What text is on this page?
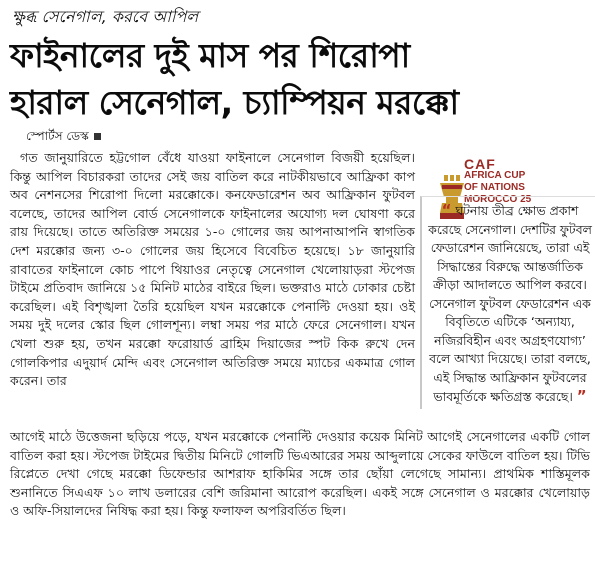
ক্ষুব্ধ সেনেগাল, করবে আপিল
ফাইনালের দুই মাস পর শিরোপা
হারাল সেনেগাল, চ্যাম্পিয়ন মরক্কো
স্পোর্টস ডেস্ক

গত জানুয়ারিতে হট্টগোল বেঁধে যাওয়া ফাইনালে সেনেগাল বিজয়ী হয়েছিল। কিন্তু আপিল বিচারকরা তাদের সেই জয় বাতিল করে নাটকীয়ভাবে আফ্রিকা কাপ অব নেশনসের শিরোপা দিলো মরক্কোকে। কনফেডারেশন অব আফ্রিকান ফুটবল বলেছে, তাদের আপিল বোর্ড সেনেগালকে ফাইনালের অযোগ্য দল ঘোষণা করে রায় দিয়েছে। তাতে অতিরিক্ত সময়ের ১-০ গোলের জয় আপনাআপনি স্বাগতিক দেশ মরক্কোর জন্য ৩-০ গোলের জয় হিসেবে বিবেচিত হয়েছে। ১৮ জানুয়ারি রাবাতের ফাইনালে কোচ পাপে থিয়াওর নেতৃত্বে সেনেগাল খেলোয়াড়রা স্টপেজ টাইমে প্রতিবাদ জানিয়ে ১৫ মিনিট মাঠের বাইরে ছিল। ভক্তরাও মাঠে ঢোকার চেষ্টা করেছিল। এই বিশৃঙ্খলা তৈরি হয়েছিল যখন মরক্কোকে পেনাল্টি দেওয়া হয়। ওই সময় দুই দলের স্কোর ছিল গোলশূন্য। লম্বা সময় পর মাঠে ফেরে সেনেগাল। যখন খেলা শুরু হয়, তখন মরক্কো ফরোয়ার্ড ব্রাহিম দিয়াজের স্পট কিক রুখে দেন গোলকিপার এদুয়ার্দ মেন্দি এবং সেনেগাল অতিরিক্ত সময়ে ম্যাচের একমাত্র গোল করেন। তার

CAF
AFRICA CUP
OF NATIONS
MOROCCO 25
“ ঘটনায় তীব্র ক্ষোভ প্রকাশ করেছে সেনেগাল। দেশটির ফুটবল ফেডারেশন জানিয়েছে, তারা এই সিদ্ধান্তের বিরুদ্ধে আন্তর্জাতিক ক্রীড়া আদালতে আপিল করবে। সেনেগাল ফুটবল ফেডারেশন এক বিবৃতিতে এটিকে ‘অন্যায্য, নজিরবিহীন এবং অগ্রহণযোগ্য’ বলে আখ্যা দিয়েছে। তারা বলছে, এই সিদ্ধান্ত আফ্রিকান ফুটবলের ভাবমূর্তিকে ক্ষতিগ্রস্ত করেছে। ”

আগেই মাঠে উত্তেজনা ছড়িয়ে পড়ে, যখন মরক্কোকে পেনাল্টি দেওয়ার কয়েক মিনিট আগেই সেনেগালের একটি গোল বাতিল করা হয়। স্টপেজ টাইমের দ্বিতীয় মিনিটে গোলটি ভিএআরের সময় আব্দুলায়ে সেকের ফাউলে বাতিল হয়। টিভি রিপ্লেতে দেখা গেছে মরক্কো ডিফেন্ডার আশরাফ হাকিমির সঙ্গে তার ছোঁয়া লেগেছে সামান্য। প্রাথমিক শাস্তিমূলক শুনানিতে সিএএফ ১০ লাখ ডলারের বেশি জরিমানা আরোপ করেছিল। একই সঙ্গে সেনেগাল ও মরক্কোর খেলোয়াড় ও অফি-সিয়ালদের নিষিদ্ধ করা হয়। কিন্তু ফলাফল অপরিবর্তিত ছিল।
